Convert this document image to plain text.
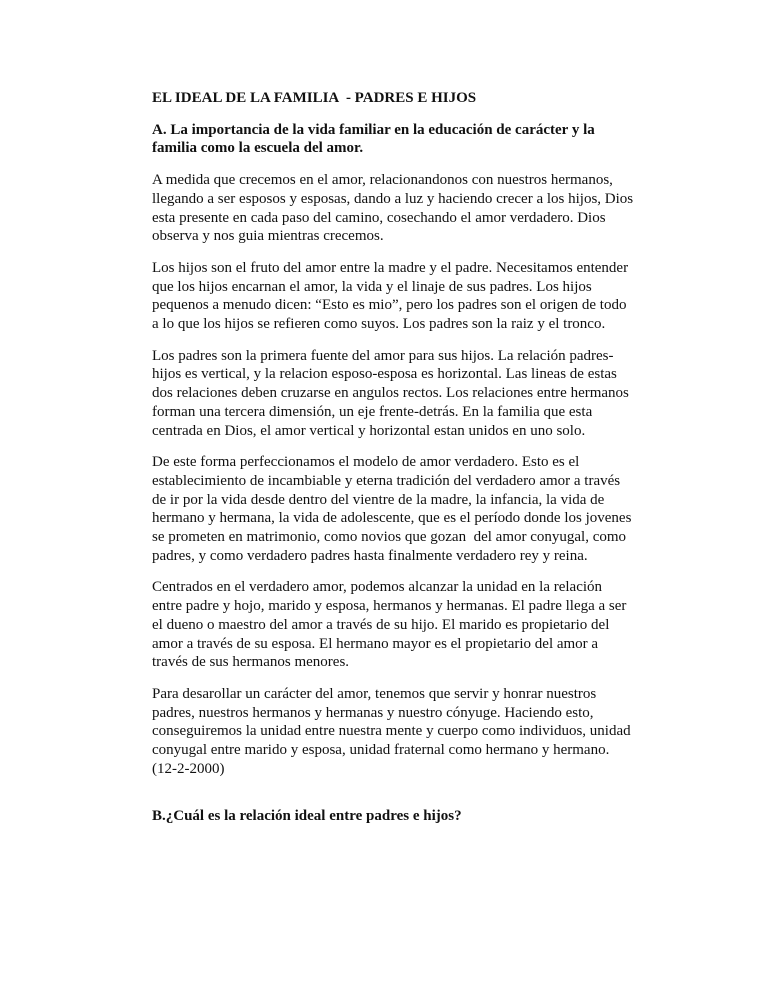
EL IDEAL DE LA FAMILIA  - PADRES E HIJOS
A. La importancia de la vida familiar en la educación de carácter y la familia como la escuela del amor.

A medida que crecemos en el amor, relacionandonos con nuestros hermanos, llegando a ser esposos y esposas, dando a luz y haciendo crecer a los hijos, Dios esta presente en cada paso del camino, cosechando el amor verdadero. Dios observa y nos guia mientras crecemos.

Los hijos son el fruto del amor entre la madre y el padre. Necesitamos entender que los hijos encarnan el amor, la vida y el linaje de sus padres. Los hijos pequenos a menudo dicen: “Esto es mio”, pero los padres son el origen de todo a lo que los hijos se refieren como suyos. Los padres son la raiz y el tronco.

Los padres son la primera fuente del amor para sus hijos. La relación padres-hijos es vertical, y la relacion esposo-esposa es horizontal. Las lineas de estas dos relaciones deben cruzarse en angulos rectos. Los relaciones entre hermanos forman una tercera dimensión, un eje frente-detrás. En la familia que esta centrada en Dios, el amor vertical y horizontal estan unidos en uno solo.

De este forma perfeccionamos el modelo de amor verdadero. Esto es el establecimiento de incambiable y eterna tradición del verdadero amor a través de ir por la vida desde dentro del vientre de la madre, la infancia, la vida de hermano y hermana, la vida de adolescente, que es el período donde los jovenes se prometen en matrimonio, como novios que gozan  del amor conyugal, como padres, y como verdadero padres hasta finalmente verdadero rey y reina.

Centrados en el verdadero amor, podemos alcanzar la unidad en la relación entre padre y hojo, marido y esposa, hermanos y hermanas. El padre llega a ser el dueno o maestro del amor a través de su hijo. El marido es propietario del amor a través de su esposa. El hermano mayor es el propietario del amor a través de sus hermanos menores.

Para desarollar un carácter del amor, tenemos que servir y honrar nuestros padres, nuestros hermanos y hermanas y nuestro cónyuge. Haciendo esto, conseguiremos la unidad entre nuestra mente y cuerpo como individuos, unidad conyugal entre marido y esposa, unidad fraternal como hermano y hermano. (12-2-2000)

B.¿Cuál es la relación ideal entre padres e hijos?
